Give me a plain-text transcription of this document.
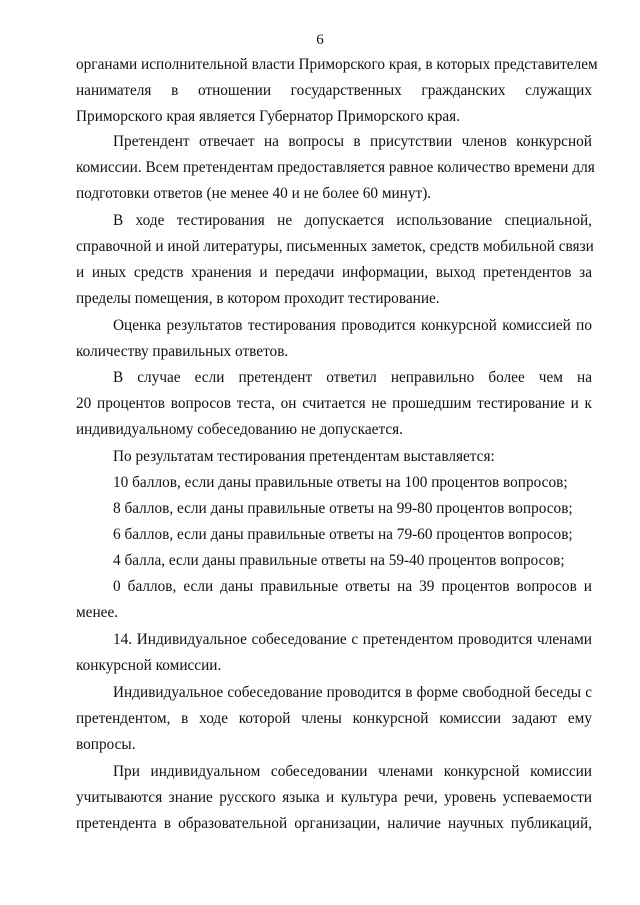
6
органами исполнительной власти Приморского края, в которых представителем
нанимателя в отношении государственных гражданских служащих
Приморского края является Губернатор Приморского края.
Претендент отвечает на вопросы в присутствии членов конкурсной
комиссии. Всем претендентам предоставляется равное количество времени для
подготовки ответов (не менее 40 и не более 60 минут).
В ходе тестирования не допускается использование специальной,
справочной и иной литературы, письменных заметок, средств мобильной связи
и иных средств хранения и передачи информации, выход претендентов за
пределы помещения, в котором проходит тестирование.
Оценка результатов тестирования проводится конкурсной комиссией по
количеству правильных ответов.
В случае если претендент ответил неправильно более чем на
20 процентов вопросов теста, он считается не прошедшим тестирование и к
индивидуальному собеседованию не допускается.
По результатам тестирования претендентам выставляется:
10 баллов, если даны правильные ответы на 100 процентов вопросов;
8 баллов, если даны правильные ответы на 99-80 процентов вопросов;
6 баллов, если даны правильные ответы на 79-60 процентов вопросов;
4 балла, если даны правильные ответы на 59-40 процентов вопросов;
0 баллов, если даны правильные ответы на 39 процентов вопросов и
менее.
14. Индивидуальное собеседование с претендентом проводится членами
конкурсной комиссии.
Индивидуальное собеседование проводится в форме свободной беседы с
претендентом, в ходе которой члены конкурсной комиссии задают ему
вопросы.
При индивидуальном собеседовании членами конкурсной комиссии
учитываются знание русского языка и культура речи, уровень успеваемости
претендента в образовательной организации, наличие научных публикаций,
